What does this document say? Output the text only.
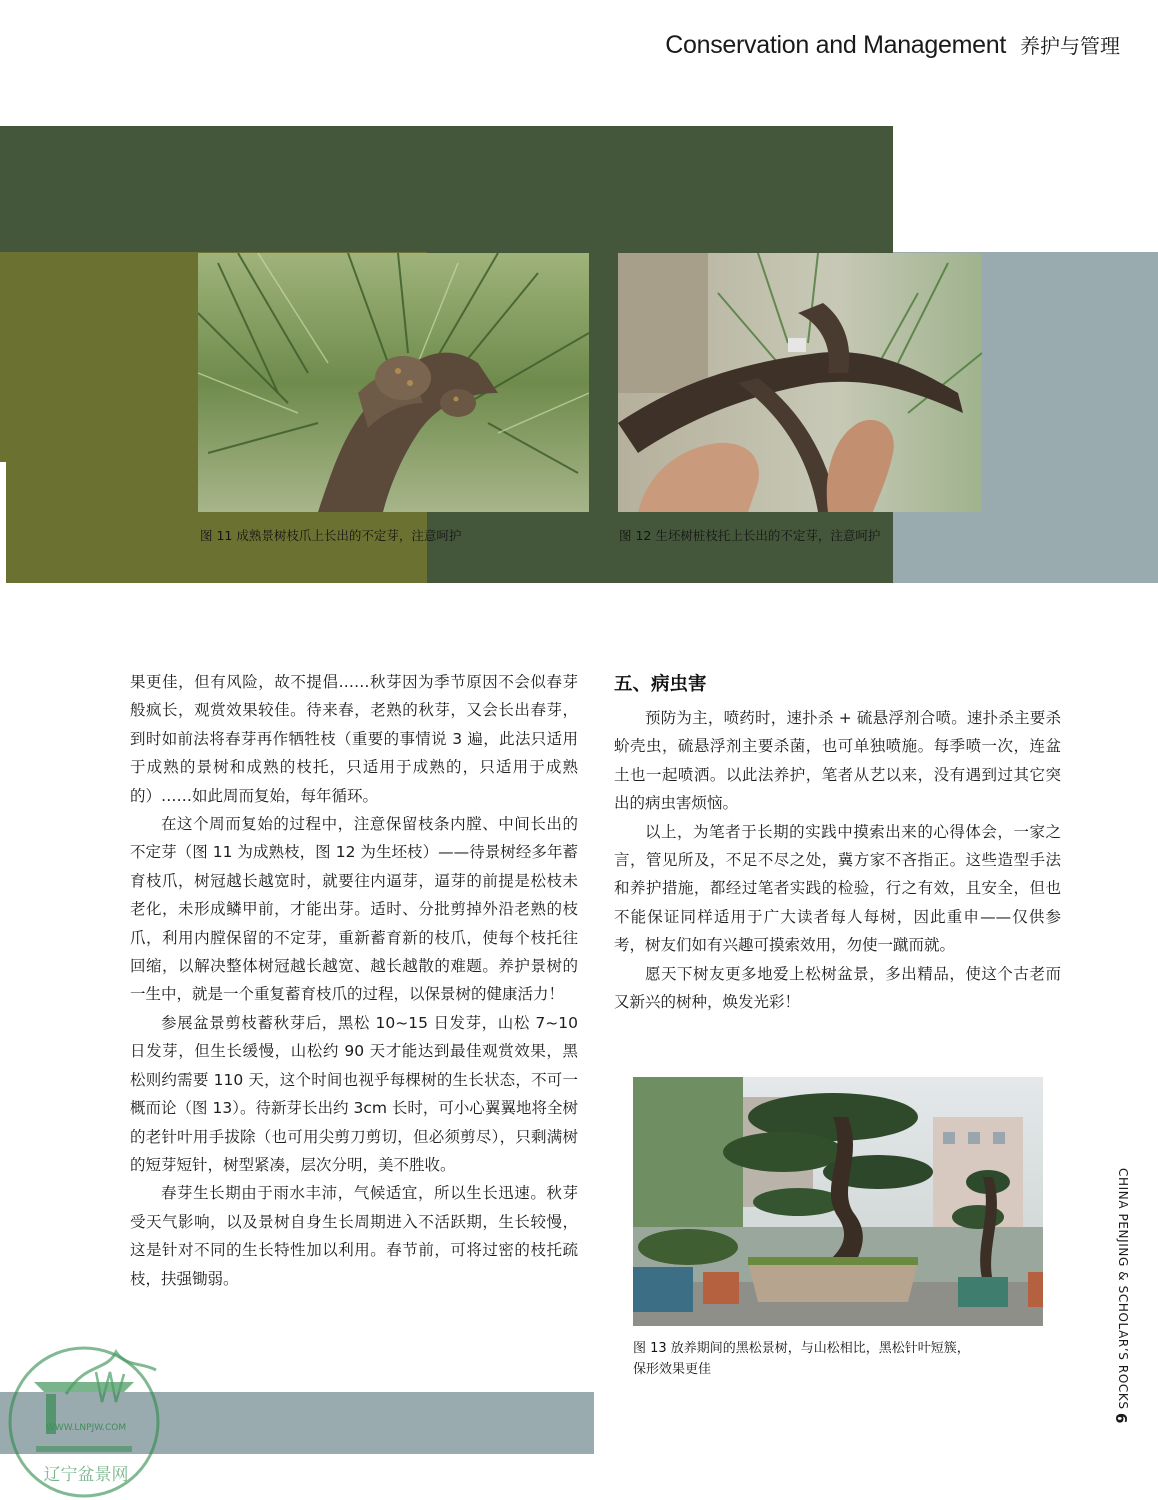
Conservation and Management 养护与管理
图 11 成熟景树枝爪上长出的不定芽，注意呵护	图 12 生坯树桩枝托上长出的不定芽，注意呵护

果更佳，但有风险，故不提倡……秋芽因为季节原因不会似春芽般疯长，观赏效果较佳。待来春，老熟的秋芽，又会长出春芽，到时如前法将春芽再作牺牲枝（重要的事情说 3 遍，此法只适用于成熟的景树和成熟的枝托，只适用于成熟的，只适用于成熟的）……如此周而复始，每年循环。

在这个周而复始的过程中，注意保留枝条内膛、中间长出的不定芽（图 11 为成熟枝，图 12 为生坯枝）——待景树经多年蓄育枝爪，树冠越长越宽时，就要往内逼芽，逼芽的前提是松枝未老化，未形成鳞甲前，才能出芽。适时、分批剪掉外沿老熟的枝爪，利用内膛保留的不定芽，重新蓄育新的枝爪，使每个枝托往回缩，以解决整体树冠越长越宽、越长越散的难题。养护景树的一生中，就是一个重复蓄育枝爪的过程，以保景树的健康活力！

参展盆景剪枝蓄秋芽后，黑松 10~15 日发芽，山松 7~10 日发芽，但生长缓慢，山松约 90 天才能达到最佳观赏效果，黑松则约需要 110 天，这个时间也视乎每棵树的生长状态，不可一概而论（图 13）。待新芽长出约 3cm 长时，可小心翼翼地将全树的老针叶用手拔除（也可用尖剪刀剪切，但必须剪尽），只剩满树的短芽短针，树型紧凑，层次分明，美不胜收。

春芽生长期由于雨水丰沛，气候适宜，所以生长迅速。秋芽受天气影响，以及景树自身生长周期进入不活跃期，生长较慢，这是针对不同的生长特性加以利用。春节前，可将过密的枝托疏枝，扶强锄弱。

五、病虫害

预防为主，喷药时，速扑杀 + 硫悬浮剂合喷。速扑杀主要杀蚧壳虫，硫悬浮剂主要杀菌，也可单独喷施。每季喷一次，连盆土也一起喷洒。以此法养护，笔者从艺以来，没有遇到过其它突出的病虫害烦恼。

以上，为笔者于长期的实践中摸索出来的心得体会，一家之言，管见所及，不足不尽之处，冀方家不吝指正。这些造型手法和养护措施，都经过笔者实践的检验，行之有效，且安全，但也不能保证同样适用于广大读者每人每树，因此重申——仅供参考，树友们如有兴趣可摸索效用，勿使一蹴而就。

愿天下树友更多地爱上松树盆景，多出精品，使这个古老而又新兴的树种，焕发光彩！

图 13 放养期间的黑松景树，与山松相比，黑松针叶短簇，
保形效果更佳	CHINA PENJING & SCHOLAR’S ROCKS
6
WWW.LNPJW.COM
辽宁盆景网
